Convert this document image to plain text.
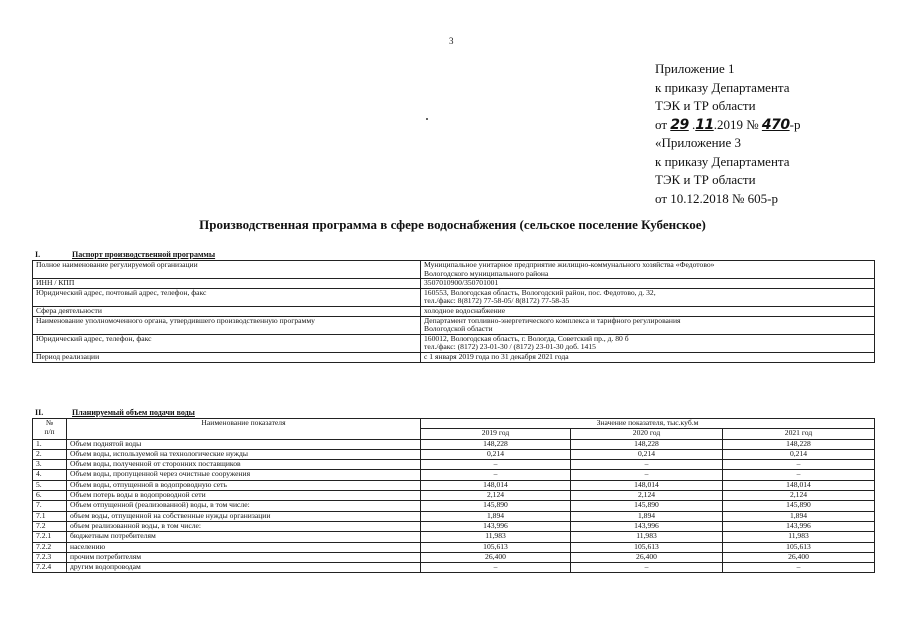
3
Приложение 1
к приказу Департамента
ТЭК и ТР области
от 29 .11.2019 № 470-р
«Приложение 3
к приказу Департамента
ТЭК и ТР области
от 10.12.2018 № 605-р
Производственная программа в сфере водоснабжения (сельское поселение Кубенское)
I.	Паспорт производственной программы
Полное наименование регулируемой организации	Муниципальное унитарное предприятие жилищно-коммунального хозяйства «Федотово»
Вологодского муниципального района
ИНН / КПП	3507010900/350701001
Юридический адрес, почтовый адрес, телефон, факс	160553, Вологодская область, Вологодский район, пос. Федотово, д. 32,
тел./факс: 8(8172) 77-58-05/ 8(8172) 77-58-35
Сфера деятельности	холодное водоснабжение
Наименование уполномоченного органа, утвердившего производственную программу	Департамент топливно-энергетического комплекса и тарифного регулирования
Вологодской области
Юридический адрес, телефон, факс	160012, Вологодская область, г. Вологда, Советский пр., д. 80 б
тел./факс: (8172) 23-01-30 / (8172) 23-01-30 доб. 1415
Период реализации	с 1 января 2019 года по 31 декабря 2021 года
II.	Планируемый объем подачи воды
№
п/п	Наименование показателя	Значение показателя, тыс.куб.м		
		2019 год	2020 год	2021 год
1.	Объем поднятой воды	148,228	148,228	148,228
2.	Объем воды, используемой на технологические нужды	0,214	0,214	0,214
3.	Объем воды, полученной от сторонних поставщиков	–	–	–
4.	Объем воды, пропущенной через очистные сооружения	–	–	–
5.	Объем воды, отпущенной в водопроводную сеть	148,014	148,014	148,014
6.	Объем потерь воды в водопроводной сети	2,124	2,124	2,124
7.	Объем отпущенной (реализованной) воды, в том числе:	145,890	145,890	145,890
7.1	объем воды, отпущенной на собственные нужды организации	1,894	1,894	1,894
7.2	объем реализованной воды, в том числе:	143,996	143,996	143,996
7.2.1	бюджетным потребителям	11,983	11,983	11,983
7.2.2	населению	105,613	105,613	105,613
7.2.3	прочим потребителям	26,400	26,400	26,400
7.2.4	другим водопроводам	–	–	–
